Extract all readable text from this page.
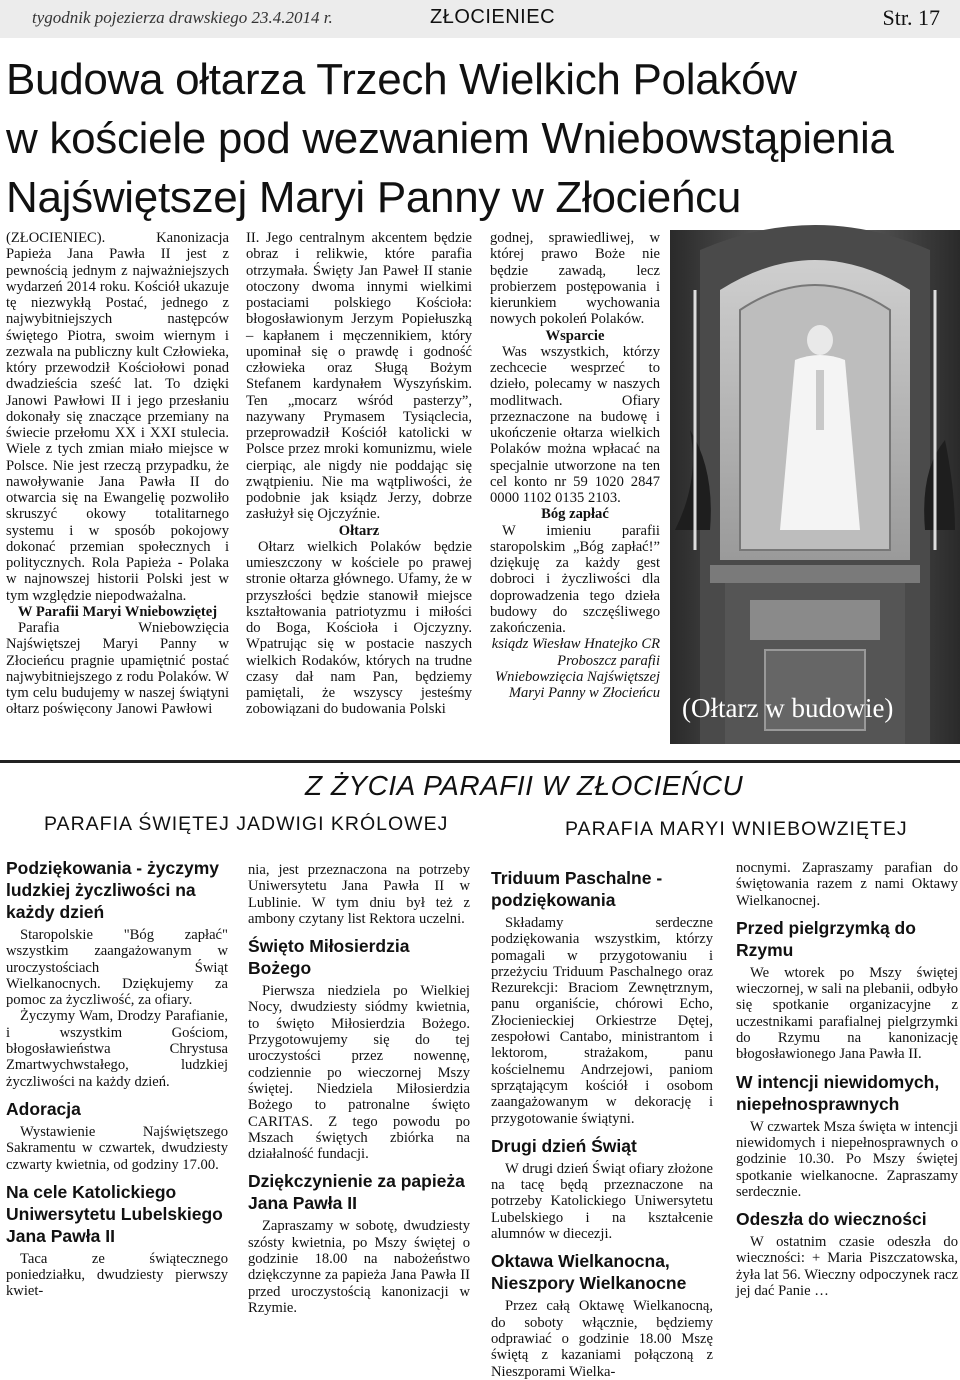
tygodnik pojezierza drawskiego 23.4.2014 r.	ZŁOCIENIEC	Str. 17
Budowa ołtarza Trzech Wielkich Polaków
w kościele pod wezwaniem Wniebowstąpienia
Najświętszej Maryi Panny w Złocieńcu

(ZŁOCIENIEC). Kanonizacja Papieża Jana Pawła II jest z pewnością jednym z najważniejszych wydarzeń 2014 roku. Kościół ukazuje tę niezwykłą Postać, jednego z najwybitniejszych następców świętego Piotra, swoim wiernym i zezwala na publiczny kult Człowieka, który przewodził Kościołowi ponad dwadzieścia sześć lat. To dzięki Janowi Pawłowi II i jego przesłaniu dokonały się znaczące przemiany na świecie przełomu XX i XXI stulecia. Wiele z tych zmian miało miejsce w Polsce. Nie jest rzeczą przypadku, że nawoływanie Jana Pawła II do otwarcia się na Ewangelię pozwoliło skruszyć okowy totalitarnego systemu i w sposób pokojowy dokonać przemian społecznych i politycznych. Rola Papieża - Polaka w najnowszej historii Polski jest w tym względzie niepodważalna.

W Parafii Maryi Wniebowziętej

Parafia Wniebowzięcia Najświętszej Maryi Panny w Złocieńcu pragnie upamiętnić postać najwybitniejszego z rodu Polaków. W tym celu budujemy w naszej świątyni ołtarz poświęcony Janowi Pawłowi

II. Jego centralnym akcentem będzie obraz i relikwie, które parafia otrzymała. Święty Jan Paweł II stanie otoczony dwoma innymi wielkimi postaciami polskiego Kościoła: błogosławionym Jerzym Popiełuszką – kapłanem i męczennikiem, który upominał się o prawdę i godność człowieka oraz Sługą Bożym Stefanem kardynałem Wyszyńskim. Ten „mocarz wśród pasterzy”, nazywany Prymasem Tysiąclecia, przeprowadził Kościół katolicki w Polsce przez mroki komunizmu, wiele cierpiąc, ale nigdy nie poddając się zwątpieniu. Nie ma wątpliwości, że podobnie jak ksiądz Jerzy, dobrze zasłużył się Ojczyźnie.

Ołtarz

Ołtarz wielkich Polaków będzie umieszczony w kościele po prawej stronie ołtarza głównego. Ufamy, że w przyszłości będzie stanowił miejsce kształtowania patriotyzmu i miłości do Boga, Kościoła i Ojczyzny. Wpatrując się w postacie naszych wielkich Rodaków, których na trudne czasy dał nam Pan, będziemy pamiętali, że wszyscy jesteśmy zobowiązani do budowania Polski

godnej, sprawiedliwej, w której prawo Boże nie będzie zawadą, lecz probierzem postępowania i kierunkiem wychowania nowych pokoleń Polaków.

Wsparcie

Was wszystkich, którzy zechcecie wesprzeć to dzieło, polecamy w naszych modlitwach. Ofiary przeznaczone na budowę i ukończenie ołtarza wielkich Polaków można wpłacać na specjalnie utworzone na ten cel konto nr 59 1020 2847 0000 1102 0135 2103.

Bóg zapłać

W imieniu parafii staropolskim „Bóg zapłać!” dziękuję za każdy gest dobroci i życzliwości dla doprowadzenia tego dzieła budowy do szczęśliwego zakończenia.

ksiądz Wiesław Hnatejko CR Proboszcz parafii Wniebowzięcia Najświętszej Maryi Panny w Złocieńcu (Ołtarz w budowie)
Z ŻYCIA PARAFII W ZŁOCIEŃCU
PARAFIA ŚWIĘTEJ JADWIGI KRÓLOWEJ	PARAFIA MARYI WNIEBOWZIĘTEJ
Podziękowania - życzymy ludzkiej życzliwości na każdy dzień

Staropolskie "Bóg zapłać" wszystkim zaangażowanym w uroczystościach Świąt Wielkanocnych. Dziękujemy za pomoc za życzliwość, za ofiary.

Życzymy Wam, Drodzy Parafianie, i wszystkim Gościom, błogosławieństwa Chrystusa Zmartwychwstałego, ludzkiej życzliwości na każdy dzień.

Adoracja

Wystawienie Najświętszego Sakramentu w czwartek, dwudziesty czwarty kwietnia, od godziny 17.00.

Na cele Katolickiego Uniwersytetu Lubelskiego Jana Pawła II

Taca ze świątecznego poniedziałku, dwudziesty pierwszy kwiet-

nia, jest przeznaczona na potrzeby Uniwersytetu Jana Pawła II w Lublinie. W tym dniu był też z ambony czytany list Rektora uczelni.

Święto Miłosierdzia Bożego

Pierwsza niedziela po Wielkiej Nocy, dwudziesty siódmy kwietnia, to święto Miłosierdzia Bożego. Przygotowujemy się do tej uroczystości przez nowennę, codziennie po wieczornej Mszy świętej. Niedziela Miłosierdzia Bożego to patronalne święto CARITAS. Z tego powodu po Mszach świętych zbiórka na działalność fundacji.

Dziękczynienie za papieża Jana Pawła II

Zapraszamy w sobotę, dwudziesty szósty kwietnia, po Mszy świętej o godzinie 18.00 na nabożeństwo dziękczynne za papieża Jana Pawła II przed uroczystością kanonizacji w Rzymie.

Triduum Paschalne - podziękowania

Składamy serdeczne podziękowania wszystkim, którzy pomagali w przygotowaniu i przeżyciu Triduum Paschalnego oraz Rezurekcji: Braciom Zewnętrznym, panu organiście, chórowi Echo, Złocienieckiej Orkiestrze Dętej, zespołowi Cantabo, ministrantom i lektorom, strażakom, panu kościelnemu Andrzejowi, paniom sprzątającym kościół i osobom zaangażowanym w dekorację i przygotowanie świątyni.

Drugi dzień Świąt

W drugi dzień Świąt ofiary złożone na tacę będą przeznaczone na potrzeby Katolickiego Uniwersytetu Lubelskiego i na kształcenie alumnów w diecezji.

Oktawa Wielkanocna, Nieszpory Wielkanocne

Przez całą Oktawę Wielkanocną, do soboty włącznie, będziemy odprawiać o godzinie 18.00 Mszę świętą z kazaniami połączoną z Nieszporami Wielka-

nocnymi. Zapraszamy parafian do świętowania razem z nami Oktawy Wielkanocnej.

Przed pielgrzymką do Rzymu

We wtorek po Mszy świętej wieczornej, w sali na plebanii, odbyło się spotkanie organizacyjne z uczestnikami parafialnej pielgrzymki do Rzymu na kanonizację błogosławionego Jana Pawła II.

W intencji niewidomych, niepełnosprawnych

W czwartek Msza święta w intencji niewidomych i niepełnosprawnych o godzinie 10.30. Po Mszy świętej spotkanie wielkanocne. Zapraszamy serdecznie.

Odeszła do wieczności

W ostatnim czasie odeszła do wieczności: + Maria Piszczatowska, żyła lat 56. Wieczny odpoczynek racz jej dać Panie …
